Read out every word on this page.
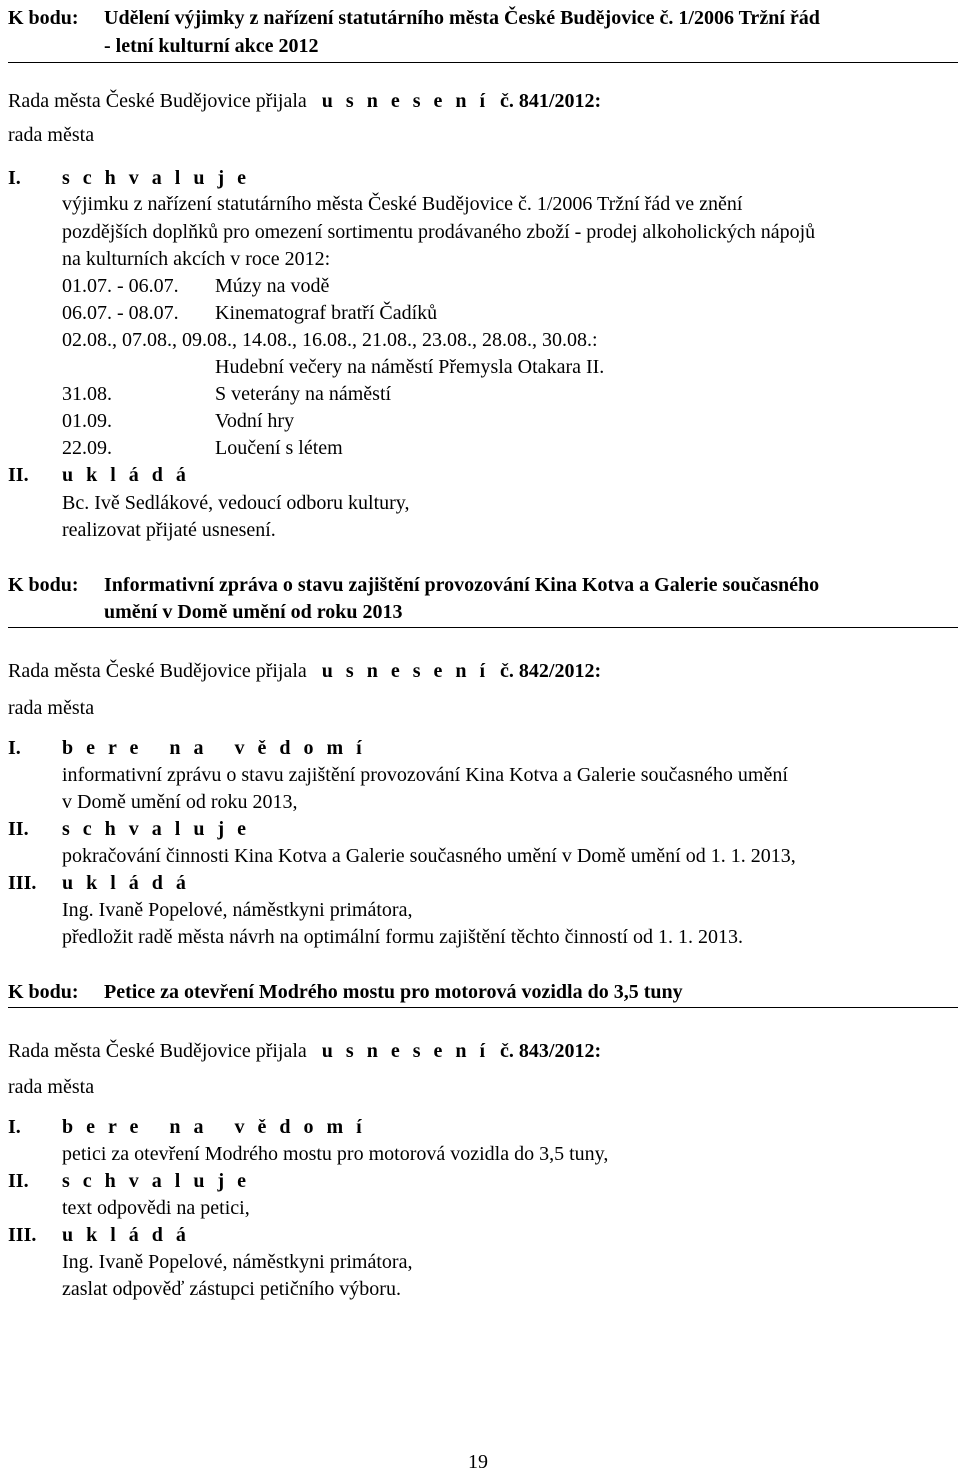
K bodu: Udělení výjimky z nařízení statutárního města České Budějovice č. 1/2006 Tržní řád
- letní kulturní akce 2012
Rada města České Budějovice přijala u s n e s e n í č. 841/2012:
rada města
I. s c h v a l u j e
výjimku z nařízení statutárního města České Budějovice č. 1/2006 Tržní řád ve znění
pozdějších doplňků pro omezení sortimentu prodávaného zboží - prodej alkoholických nápojů
na kulturních akcích v roce 2012:
01.07. - 06.07. Múzy na vodě
06.07. - 08.07. Kinematograf bratří Čadíků
02.08., 07.08., 09.08., 14.08., 16.08., 21.08., 23.08., 28.08., 30.08.:
Hudební večery na náměstí Přemysla Otakara II.
31.08.	S veterány na náměstí
01.09.	Vodní hry
22.09.	Loučení s létem
II. u k l á d á
Bc. Ivě Sedlákové, vedoucí odboru kultury,
realizovat přijaté usnesení.
K bodu: Informativní zpráva o stavu zajištění provozování Kina Kotva a Galerie současného
umění v Domě umění od roku 2013
Rada města České Budějovice přijala u s n e s e n í č. 842/2012:
rada města
I. b e r e   n a   v ě d o m í
informativní zprávu o stavu zajištění provozování Kina Kotva a Galerie současného umění
v Domě umění od roku 2013,
II. s c h v a l u j e
pokračování činnosti Kina Kotva a Galerie současného umění v Domě umění od 1. 1. 2013,
III. u k l á d á
Ing. Ivaně Popelové, náměstkyni primátora,
předložit radě města návrh na optimální formu zajištění těchto činností od 1. 1. 2013.
K bodu: Petice za otevření Modrého mostu pro motorová vozidla do 3,5 tuny
Rada města České Budějovice přijala u s n e s e n í č. 843/2012:
rada města
I. b e r e   n a   v ě d o m í
petici za otevření Modrého mostu pro motorová vozidla do 3,5 tuny,
II. s c h v a l u j e
text odpovědi na petici,
III. u k l á d á
Ing. Ivaně Popelové, náměstkyni primátora,
zaslat odpověď zástupci petičního výboru.
19
